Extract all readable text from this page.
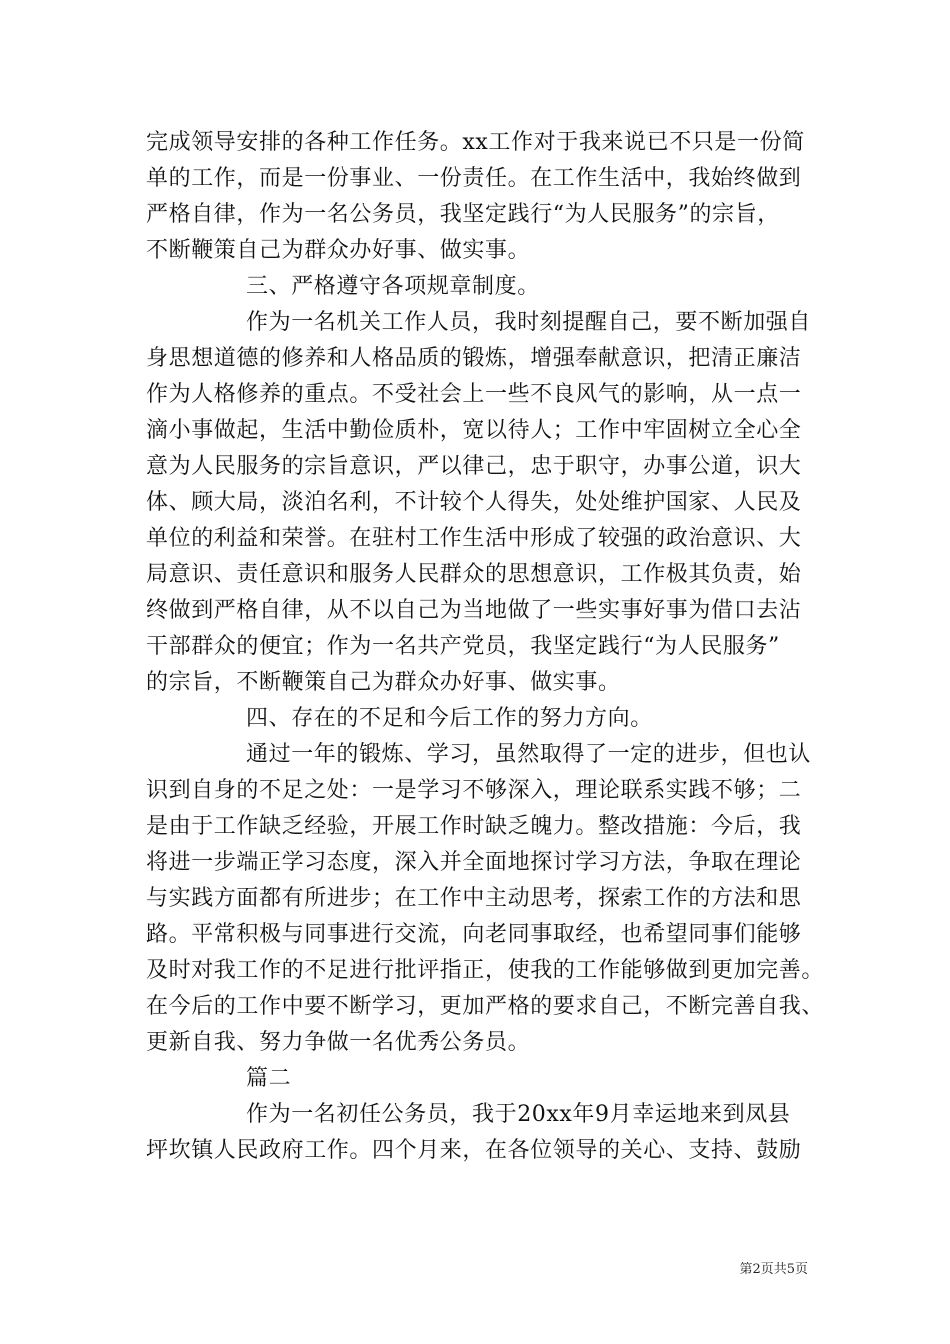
完成领导安排的各种工作任务。xx工作对于我来说已不只是一份简
单的工作，而是一份事业、一份责任。在工作生活中，我始终做到
严格自律，作为一名公务员，我坚定践行“为人民服务”的宗旨，
不断鞭策自己为群众办好事、做实事。
三、严格遵守各项规章制度。
作为一名机关工作人员，我时刻提醒自己，要不断加强自
身思想道德的修养和人格品质的锻炼，增强奉献意识，把清正廉洁
作为人格修养的重点。不受社会上一些不良风气的影响，从一点一
滴小事做起，生活中勤俭质朴，宽以待人；工作中牢固树立全心全
意为人民服务的宗旨意识，严以律己，忠于职守，办事公道，识大
体、顾大局，淡泊名利，不计较个人得失，处处维护国家、人民及
单位的利益和荣誉。在驻村工作生活中形成了较强的政治意识、大
局意识、责任意识和服务人民群众的思想意识，工作极其负责，始
终做到严格自律，从不以自己为当地做了一些实事好事为借口去沾
干部群众的便宜；作为一名共产党员，我坚定践行“为人民服务”
的宗旨，不断鞭策自己为群众办好事、做实事。
四、存在的不足和今后工作的努力方向。
通过一年的锻炼、学习，虽然取得了一定的进步，但也认
识到自身的不足之处：一是学习不够深入，理论联系实践不够；二
是由于工作缺乏经验，开展工作时缺乏魄力。整改措施：今后，我
将进一步端正学习态度，深入并全面地探讨学习方法，争取在理论
与实践方面都有所进步；在工作中主动思考，探索工作的方法和思
路。平常积极与同事进行交流，向老同事取经，也希望同事们能够
及时对我工作的不足进行批评指正，使我的工作能够做到更加完善。
在今后的工作中要不断学习，更加严格的要求自己，不断完善自我、
更新自我、努力争做一名优秀公务员。
篇二
作为一名初任公务员，我于20xx年9月幸运地来到凤县
坪坎镇人民政府工作。四个月来，在各位领导的关心、支持、鼓励
第2页共5页
